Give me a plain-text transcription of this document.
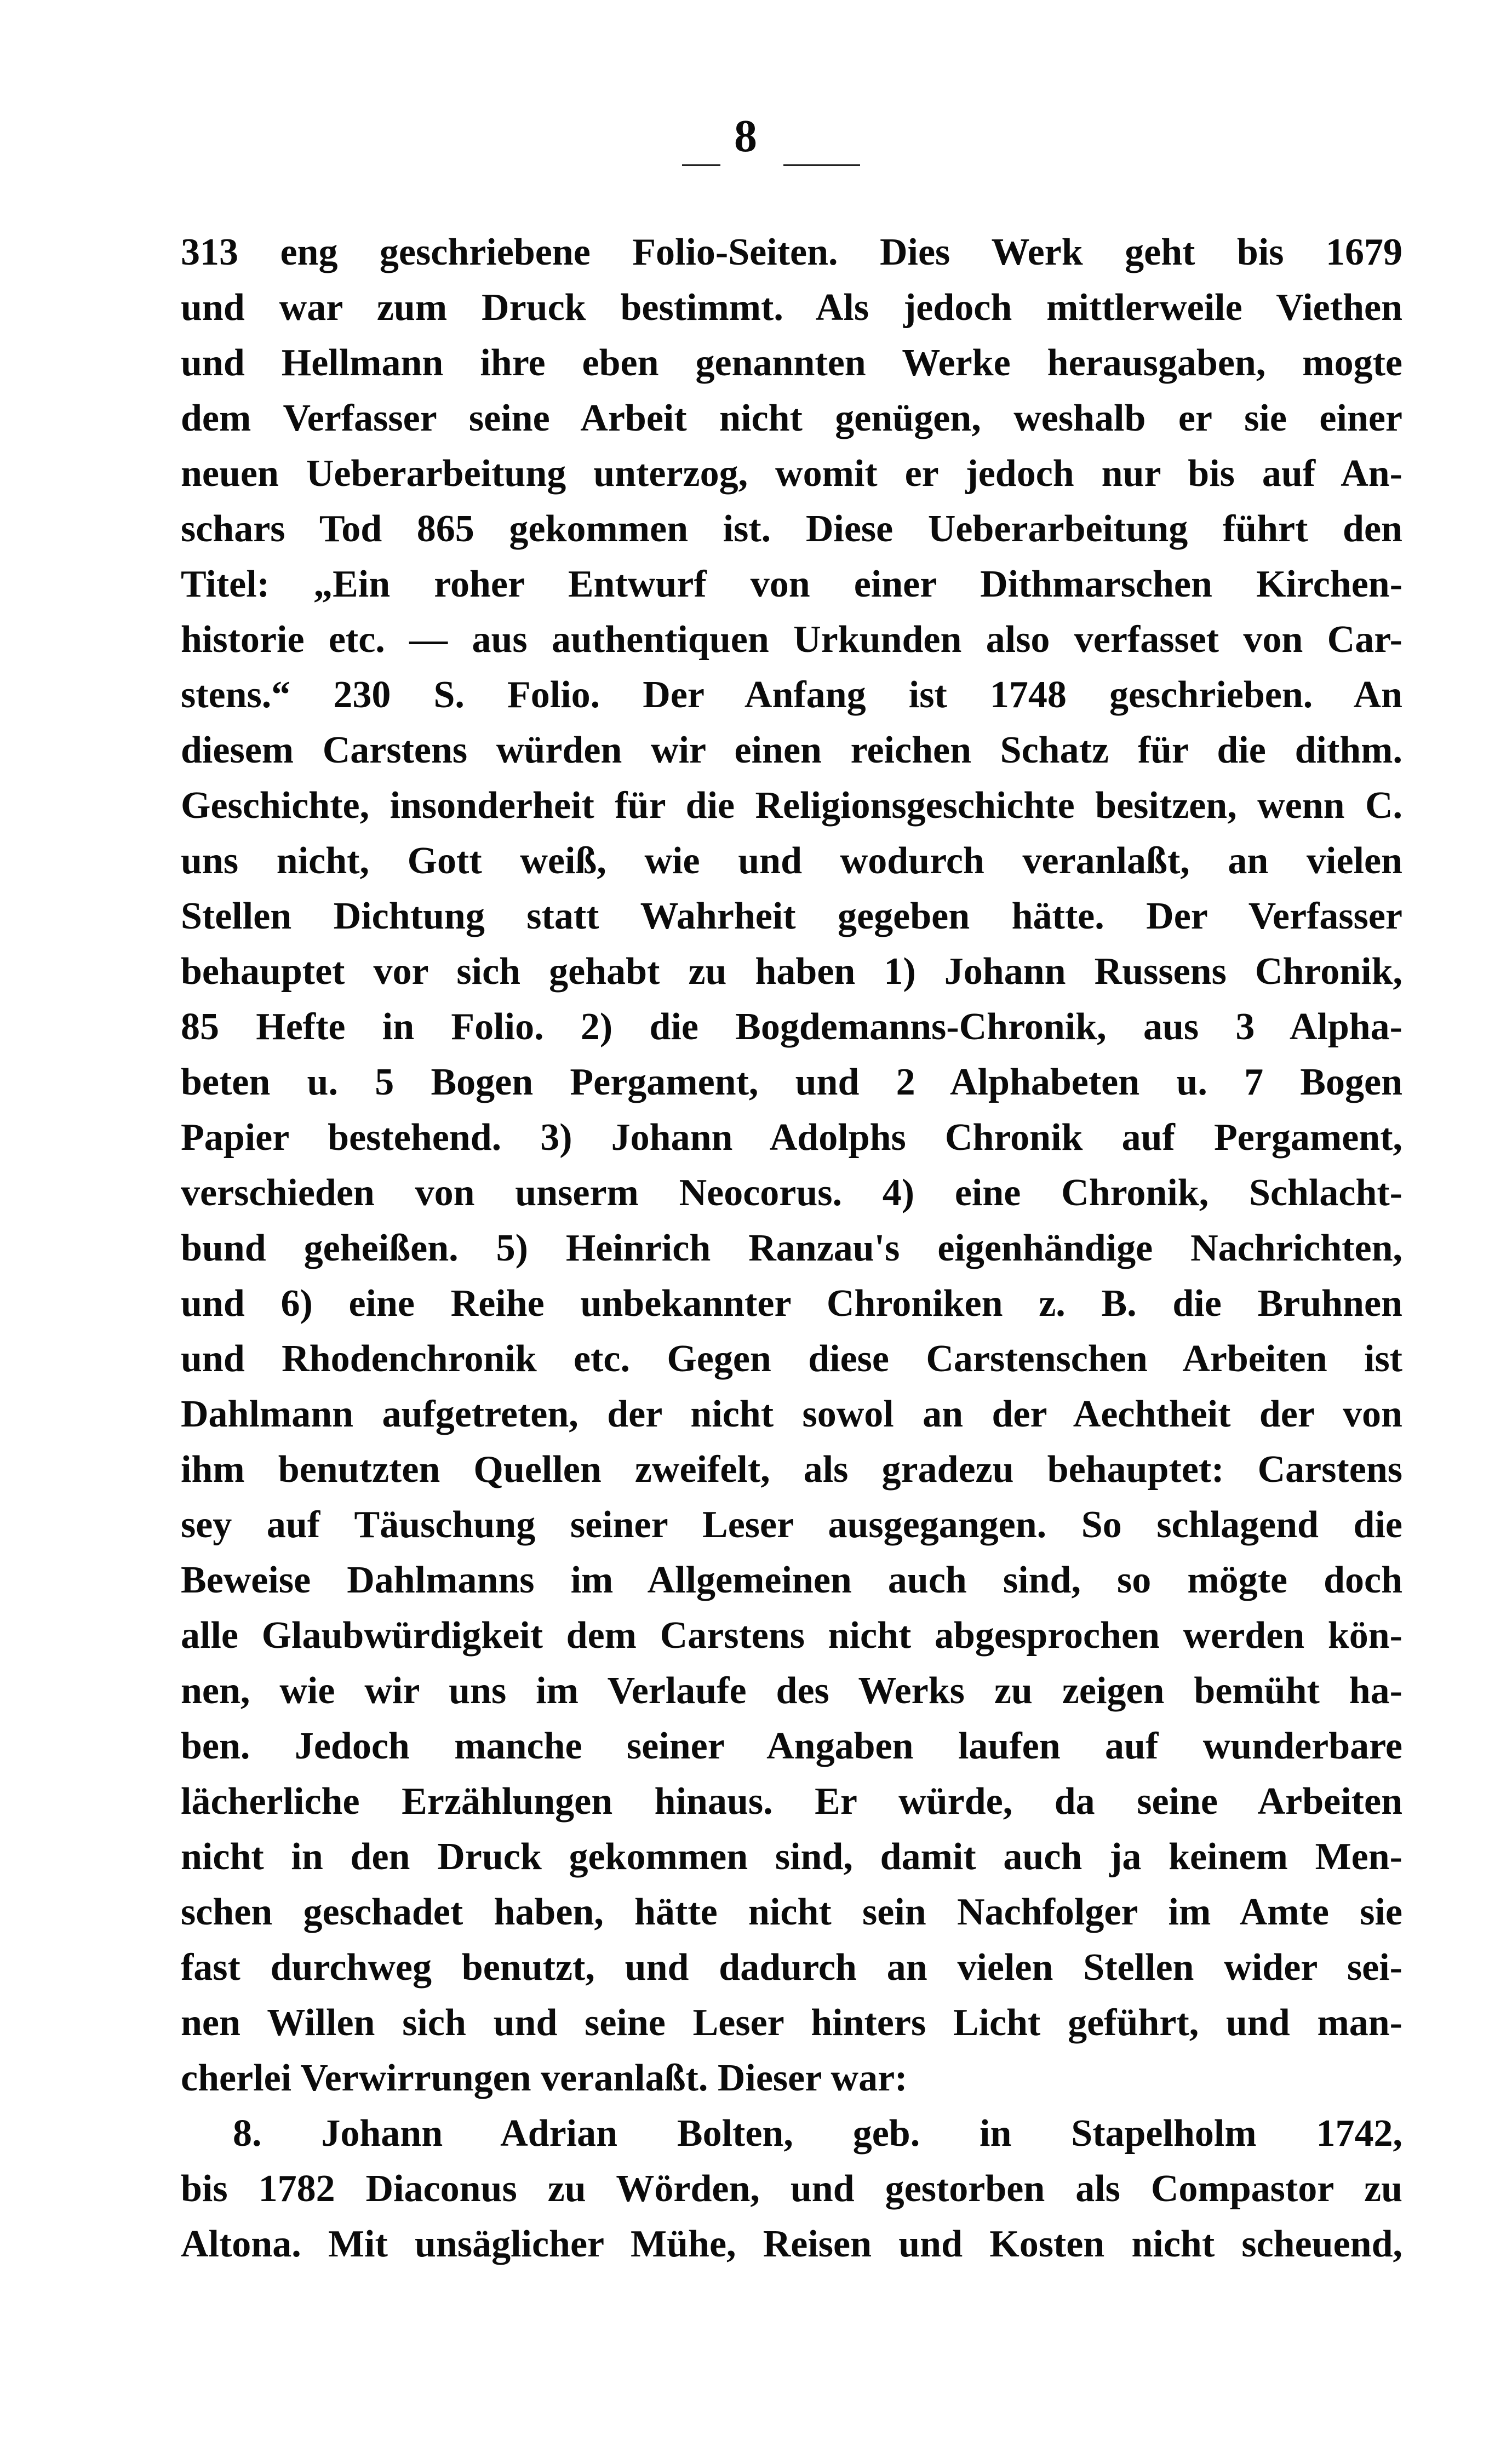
8
313 eng geschriebene Folio-Seiten. Dies Werk geht bis 1679
und war zum Druck bestimmt. Als jedoch mittlerweile Viethen
und Hellmann ihre eben genannten Werke herausgaben, mogte
dem Verfasser seine Arbeit nicht genügen, weshalb er sie einer
neuen Ueberarbeitung unterzog, womit er jedoch nur bis auf An-
schars Tod 865 gekommen ist. Diese Ueberarbeitung führt den
Titel: „Ein roher Entwurf von einer Dithmarschen Kirchen-
historie etc. — aus authentiquen Urkunden also verfasset von Car-
stens.“ 230 S. Folio. Der Anfang ist 1748 geschrieben. An
diesem Carstens würden wir einen reichen Schatz für die dithm.
Geschichte, insonderheit für die Religionsgeschichte besitzen, wenn C.
uns nicht, Gott weiß, wie und wodurch veranlaßt, an vielen
Stellen Dichtung statt Wahrheit gegeben hätte. Der Verfasser
behauptet vor sich gehabt zu haben 1) Johann Russens Chronik,
85 Hefte in Folio. 2) die Bogdemanns-Chronik, aus 3 Alpha-
beten u. 5 Bogen Pergament, und 2 Alphabeten u. 7 Bogen
Papier bestehend. 3) Johann Adolphs Chronik auf Pergament,
verschieden von unserm Neocorus. 4) eine Chronik, Schlacht-
bund geheißen. 5) Heinrich Ranzau's eigenhändige Nachrichten,
und 6) eine Reihe unbekannter Chroniken z. B. die Bruhnen
und Rhodenchronik etc. Gegen diese Carstenschen Arbeiten ist
Dahlmann aufgetreten, der nicht sowol an der Aechtheit der von
ihm benutzten Quellen zweifelt, als gradezu behauptet: Carstens
sey auf Täuschung seiner Leser ausgegangen. So schlagend die
Beweise Dahlmanns im Allgemeinen auch sind, so mögte doch
alle Glaubwürdigkeit dem Carstens nicht abgesprochen werden kön-
nen, wie wir uns im Verlaufe des Werks zu zeigen bemüht ha-
ben. Jedoch manche seiner Angaben laufen auf wunderbare
lächerliche Erzählungen hinaus. Er würde, da seine Arbeiten
nicht in den Druck gekommen sind, damit auch ja keinem Men-
schen geschadet haben, hätte nicht sein Nachfolger im Amte sie
fast durchweg benutzt, und dadurch an vielen Stellen wider sei-
nen Willen sich und seine Leser hinters Licht geführt, und man-
cherlei Verwirrungen veranlaßt. Dieser war:
8. Johann Adrian Bolten, geb. in Stapelholm 1742,
bis 1782 Diaconus zu Wörden, und gestorben als Compastor zu
Altona. Mit unsäglicher Mühe, Reisen und Kosten nicht scheuend,
